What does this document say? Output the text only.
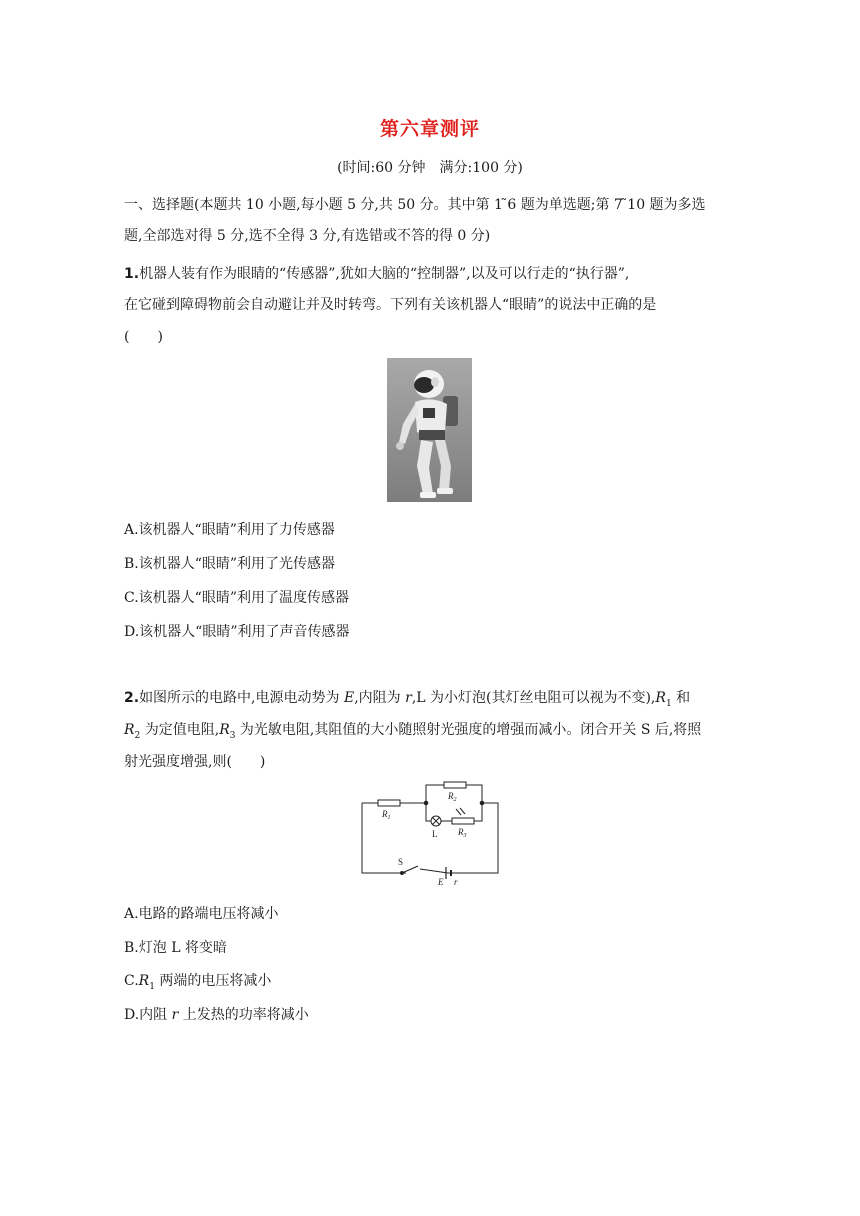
第六章测评
(时间:60 分钟　满分:100 分)
一、选择题(本题共 10 小题,每小题 5 分,共 50 分。其中第 1 ̃6 题为单选题;第 7 ̃10 题为多选
题,全部选对得 5 分,选不全得 3 分,有选错或不答的得 0 分)
1.机器人装有作为眼睛的“传感器”,犹如大脑的“控制器”,以及可以行走的“执行器”,
在它碰到障碍物前会自动避让并及时转弯。下列有关该机器人“眼睛”的说法中正确的是
(　　)
A.该机器人“眼睛”利用了力传感器
B.该机器人“眼睛”利用了光传感器
C.该机器人“眼睛”利用了温度传感器
D.该机器人“眼睛”利用了声音传感器
2.如图所示的电路中,电源电动势为 E,内阻为 r,L 为小灯泡(其灯丝电阻可以视为不变)$,R_1$ 和
$R_2$ 为定值电阻$,R_3$ 为光敏电阻,其阻值的大小随照射光强度的增强而减小。闭合开关 S 后,将照
射光强度增强,则(　　)
$R_1$
$R_2$
$R_3$
L
S
E r
A.电路的路端电压将减小
B.灯泡 L 将变暗
$C.R_1$ 两端的电压将减小
D.内阻 r 上发热的功率将减小
